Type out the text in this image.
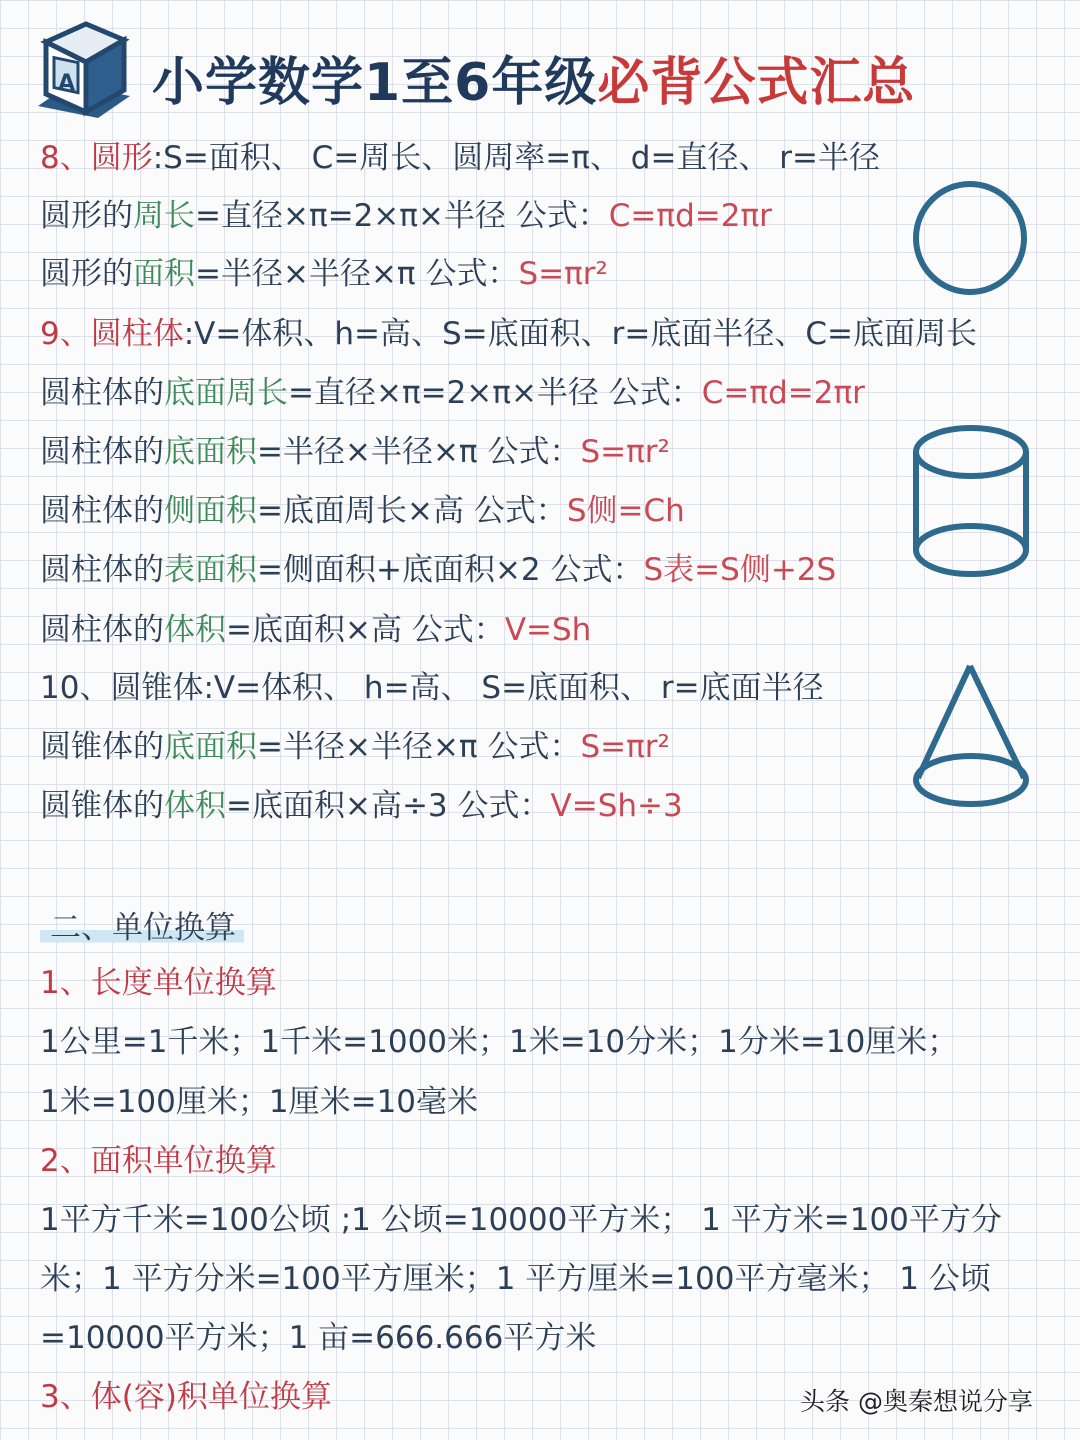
A 小学数学1至6年级必背公式汇总
8、圆形:S=面积、 C=周长、圆周率=π、 d=直径、 r=半径
圆形的周长=直径×π=2×π×半径 公式：C=πd=2πr
圆形的面积=半径×半径×π 公式：S=πr²
9、圆柱体:V=体积、h=高、S=底面积、r=底面半径、C=底面周长
圆柱体的底面周长=直径×π=2×π×半径 公式：C=πd=2πr
圆柱体的底面积=半径×半径×π 公式：S=πr²
圆柱体的侧面积=底面周长×高 公式：S侧=Ch
圆柱体的表面积=侧面积+底面积×2 公式：S表=S侧+2S
圆柱体的体积=底面积×高 公式：V=Sh
10、圆锥体:V=体积、 h=高、 S=底面积、 r=底面半径
圆锥体的底面积=半径×半径×π 公式：S=πr²
圆锥体的体积=底面积×高÷3 公式：V=Sh÷3
二、单位换算
1、长度单位换算
1公里=1千米；1千米=1000米；1米=10分米；1分米=10厘米；
1米=100厘米；1厘米=10毫米
2、面积单位换算
1平方千米=100公顷 ;1 公顷=10000平方米； 1 平方米=100平方分
米；1 平方分米=100平方厘米；1 平方厘米=100平方毫米； 1 公顷
=10000平方米；1 亩=666.666平方米
3、体(容)积单位换算	头条 @奥秦想说分享
